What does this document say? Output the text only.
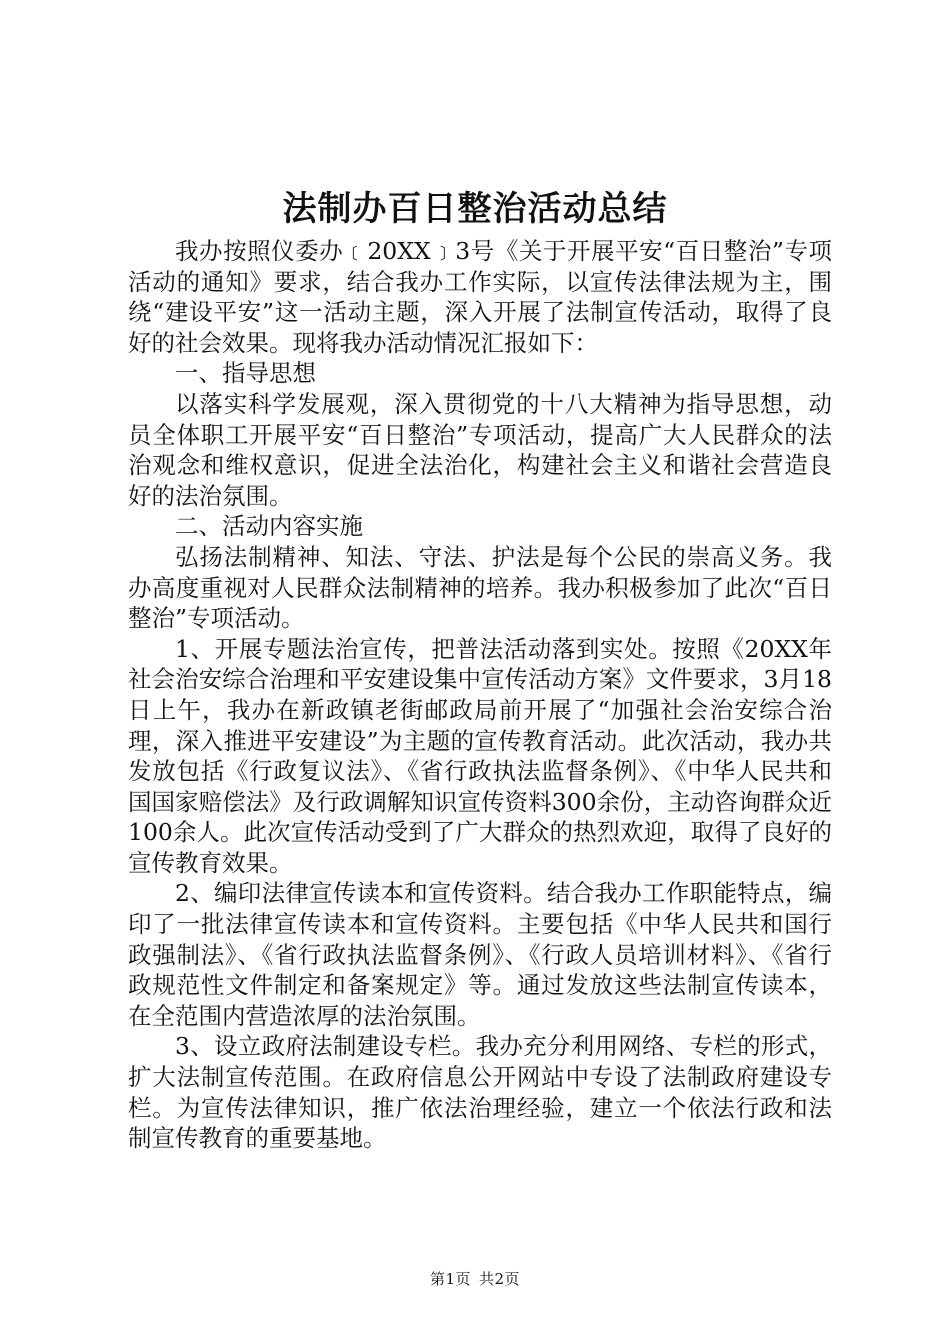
法制办百日整治活动总结

我办按照仪委办﹝20XX﹞3号《关于开展平安“百日整治”专项活动的通知》要求，结合我办工作实际，以宣传法律法规为主，围绕“建设平安”这一活动主题，深入开展了法制宣传活动，取得了良好的社会效果。现将我办活动情况汇报如下：

一、指导思想

以落实科学发展观，深入贯彻党的十八大精神为指导思想，动员全体职工开展平安“百日整治”专项活动，提高广大人民群众的法治观念和维权意识，促进全法治化，构建社会主义和谐社会营造良好的法治氛围。

二、活动内容实施

弘扬法制精神、知法、守法、护法是每个公民的崇高义务。我办高度重视对人民群众法制精神的培养。我办积极参加了此次“百日整治”专项活动。

1、开展专题法治宣传，把普法活动落到实处。按照《20XX年社会治安综合治理和平安建设集中宣传活动方案》文件要求，3月18日上午，我办在新政镇老街邮政局前开展了“加强社会治安综合治理，深入推进平安建设”为主题的宣传教育活动。此次活动，我办共发放包括《行政复议法》、《省行政执法监督条例》、《中华人民共和国国家赔偿法》及行政调解知识宣传资料300余份，主动咨询群众近100余人。此次宣传活动受到了广大群众的热烈欢迎，取得了良好的宣传教育效果。

2、编印法律宣传读本和宣传资料。结合我办工作职能特点，编印了一批法律宣传读本和宣传资料。主要包括《中华人民共和国行政强制法》、《省行政执法监督条例》、《行政人员培训材料》、《省行政规范性文件制定和备案规定》等。通过发放这些法制宣传读本，在全范围内营造浓厚的法治氛围。

3、设立政府法制建设专栏。我办充分利用网络、专栏的形式，扩大法制宣传范围。在政府信息公开网站中专设了法制政府建设专栏。为宣传法律知识，推广依法治理经验，建立一个依法行政和法制宣传教育的重要基地。

第1页 共2页
